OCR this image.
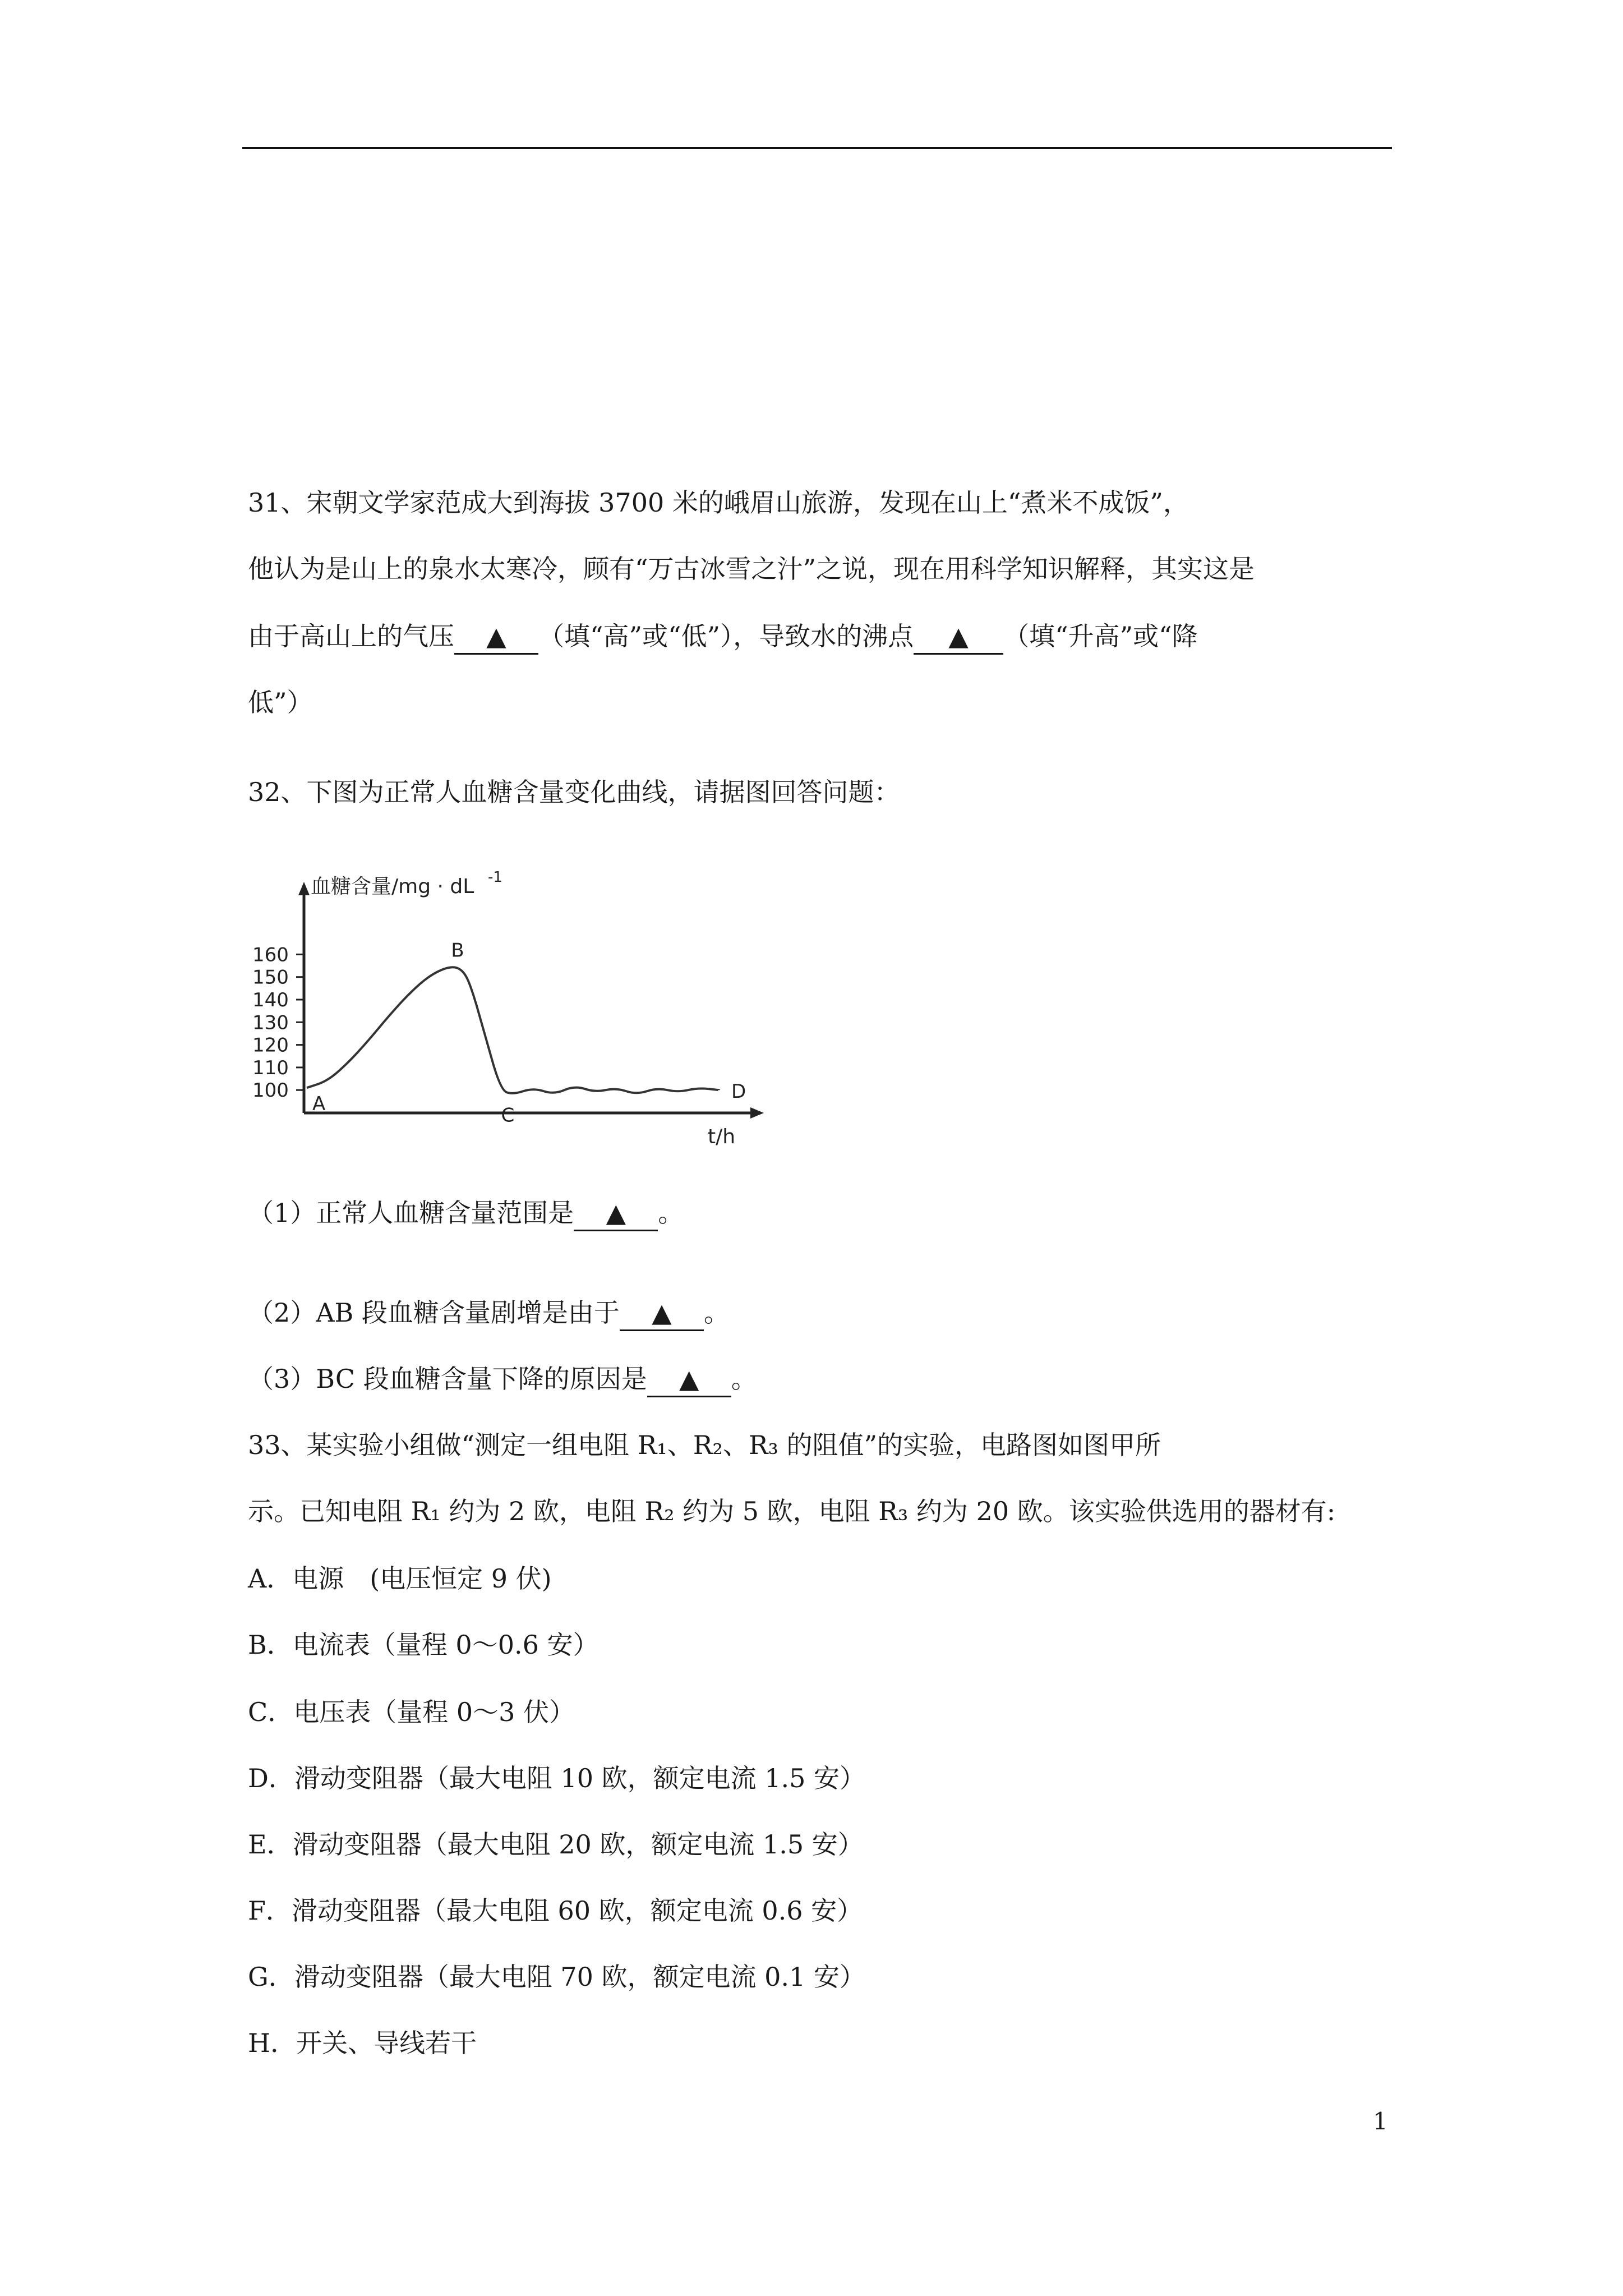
31、宋朝文学家范成大到海拔 3700 米的峨眉山旅游，发现在山上“煮米不成饭”，
他认为是山上的泉水太寒冷，顾有“万古冰雪之汁”之说，现在用科学知识解释，其实这是
由于高山上的气压 ▲ （填“高”或“低”），导致水的沸点 ▲ （填“升高”或“降
低”）
32、下图为正常人血糖含量变化曲线，请据图回答问题：
血糖含量/mg · dL -1
t/h
160
150
140
130
120
110
100
A
B
C
D
（1）正常人血糖含量范围是 ▲ 。
（2）AB 段血糖含量剧增是由于 ▲ 。
（3）BC 段血糖含量下降的原因是 ▲ 。
33、某实验小组做“测定一组电阻 R₁、R₂、R₃ 的阻值”的实验，电路图如图甲所
示。已知电阻 R₁ 约为 2 欧，电阻 R₂ 约为 5 欧，电阻 R₃ 约为 20 欧。该实验供选用的器材有:
A．电源　(电压恒定 9 伏)
B．电流表（量程 0～0.6 安）
C．电压表（量程 0～3 伏）
D．滑动变阻器（最大电阻 10 欧，额定电流 1.5 安）
E．滑动变阻器（最大电阻 20 欧，额定电流 1.5 安）
F．滑动变阻器（最大电阻 60 欧，额定电流 0.6 安）
G．滑动变阻器（最大电阻 70 欧，额定电流 0.1 安）
H．开关、导线若干
1
